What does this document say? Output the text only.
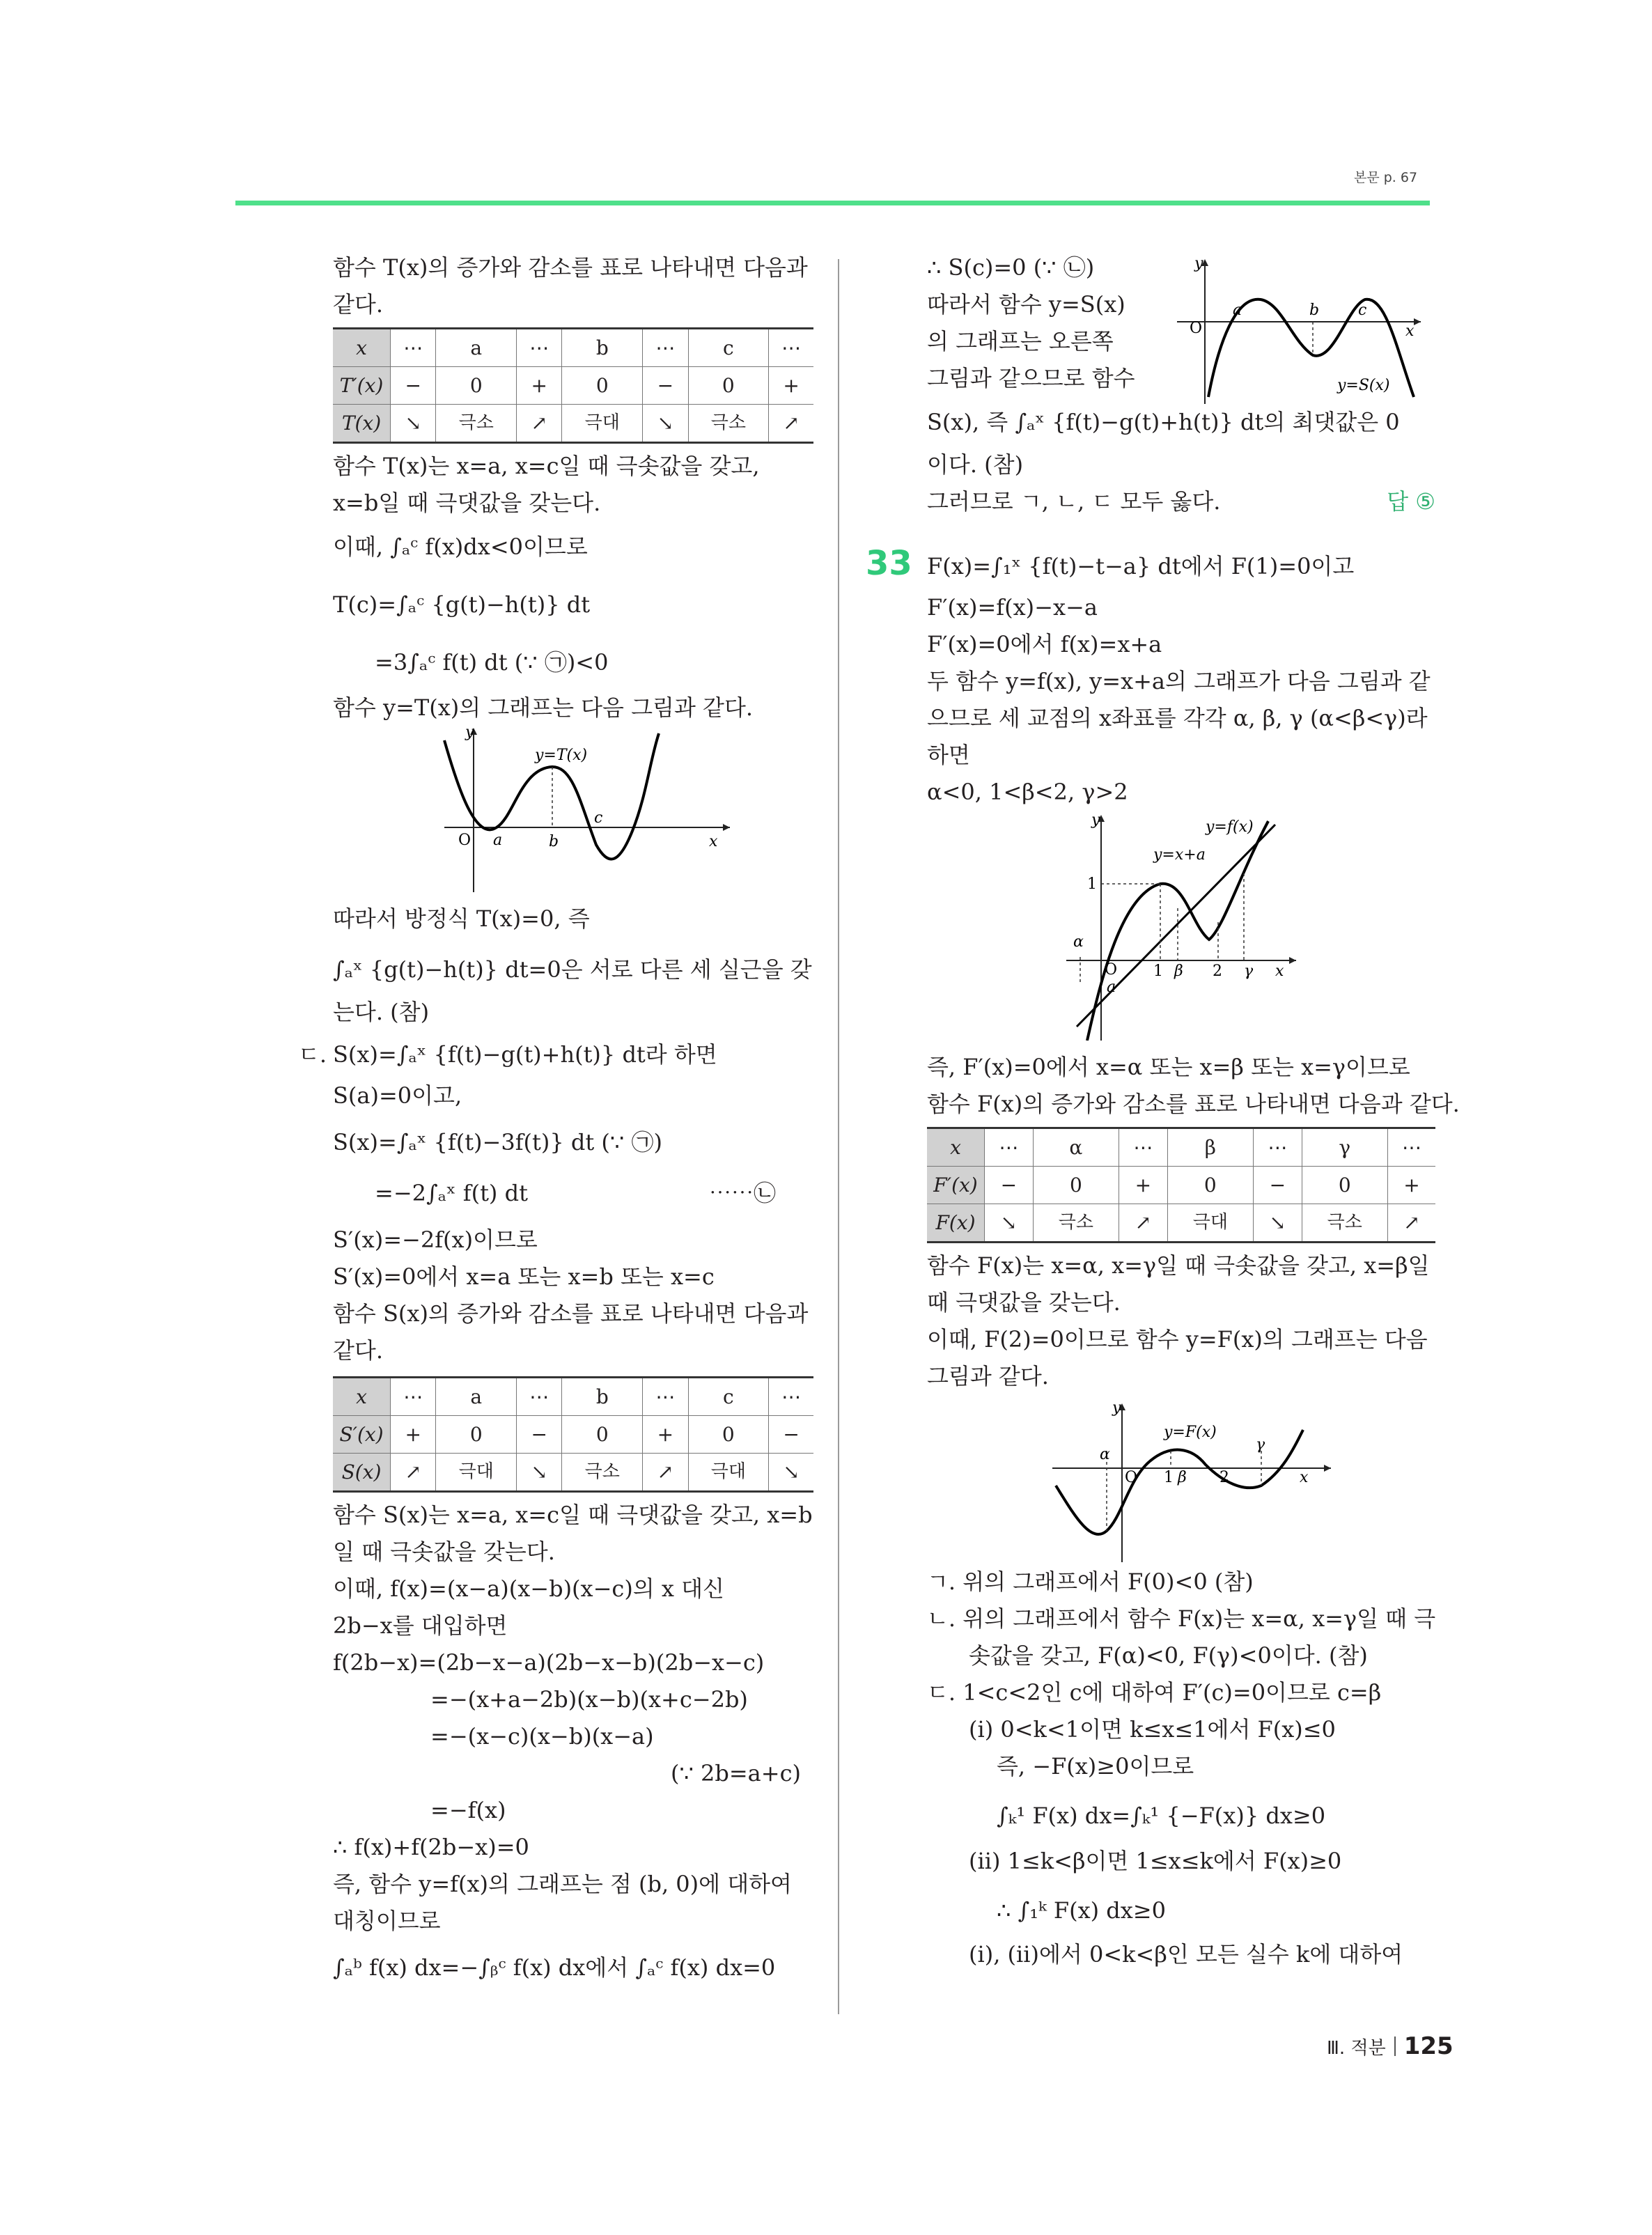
본문 p. 67

함수 T(x)의 증가와 감소를 표로 나타내면 다음과

같다.

x	⋯	a	⋯	b	⋯	c	⋯
T′(x)	−	0	+	0	−	0	+
T(x)	↘	극소	↗	극대	↘	극소	↗

함수 T(x)는 x=a, x=c일 때 극솟값을 갖고,

x=b일 때 극댓값을 갖는다.

이때, ∫ₐᶜ f(x)dx<0이므로

T(c)=∫ₐᶜ {g(t)−h(t)} dt

=3∫ₐᶜ f(t) dt (∵ ㉠)<0

함수 y=T(x)의 그래프는 다음 그림과 같다.

y
y=T(x)
O a	b
c
x

따라서 방정식 T(x)=0, 즉

∫ₐˣ {g(t)−h(t)} dt=0은 서로 다른 세 실근을 갖

는다. (참)

ㄷ. S(x)=∫ₐˣ {f(t)−g(t)+h(t)} dt라 하면

S(a)=0이고,

S(x)=∫ₐˣ {f(t)−3f(t)} dt (∵ ㉠)

=−2∫ₐˣ f(t) dt	⋯⋯㉡

S′(x)=−2f(x)이므로

S′(x)=0에서 x=a 또는 x=b 또는 x=c

함수 S(x)의 증가와 감소를 표로 나타내면 다음과

같다.

x	⋯	a	⋯	b	⋯	c	⋯
S′(x)	+	0	−	0	+	0	−
S(x)	↗	극대	↘	극소	↗	극대	↘

함수 S(x)는 x=a, x=c일 때 극댓값을 갖고, x=b

일 때 극솟값을 갖는다.

이때, f(x)=(x−a)(x−b)(x−c)의 x 대신

2b−x를 대입하면

f(2b−x)=(2b−x−a)(2b−x−b)(2b−x−c)

=−(x+a−2b)(x−b)(x+c−2b)

=−(x−c)(x−b)(x−a)

(∵ 2b=a+c)

=−f(x)

∴ f(x)+f(2b−x)=0

즉, 함수 y=f(x)의 그래프는 점 (b, 0)에 대하여

대칭이므로

∫ₐᵇ f(x) dx=−∫ᵦᶜ f(x) dx에서 ∫ₐᶜ f(x) dx=0

∴ S(c)=0 (∵ ㉡)

따라서 함수 y=S(x)

의 그래프는 오른쪽

그림과 같으므로 함수

S(x), 즉 ∫ₐˣ {f(t)−g(t)+h(t)} dt의 최댓값은 0

이다. (참)

그러므로 ㄱ, ㄴ, ㄷ 모두 옳다.	답 ⑤

33 F(x)=∫₁ˣ {f(t)−t−a} dt에서 F(1)=0이고

F′(x)=f(x)−x−a

F′(x)=0에서 f(x)=x+a

두 함수 y=f(x), y=x+a의 그래프가 다음 그림과 같

으므로 세 교점의 x좌표를 각각 α, β, γ (α<β<γ)라

하면

α<0, 1<β<2, γ>2

y	y=f(x)
y=x+a
1
α
O
a
1 β 2 γ x

즉, F′(x)=0에서 x=α 또는 x=β 또는 x=γ이므로

함수 F(x)의 증가와 감소를 표로 나타내면 다음과 같다.

x	⋯	α	⋯	β	⋯	γ	⋯
F′(x)	−	0	+	0	−	0	+
F(x)	↘	극소	↗	극대	↘	극소	↗

함수 F(x)는 x=α, x=γ일 때 극솟값을 갖고, x=β일

때 극댓값을 갖는다.

이때, F(2)=0이므로 함수 y=F(x)의 그래프는 다음

그림과 같다.

y
y=F(x)
α
O 1 β 2
γ
x

ㄱ. 위의 그래프에서 F(0)<0 (참)

ㄴ. 위의 그래프에서 함수 F(x)는 x=α, x=γ일 때 극

솟값을 갖고, F(α)<0, F(γ)<0이다. (참)

ㄷ. 1<c<2인 c에 대하여 F′(c)=0이므로 c=β

(ⅰ) 0<k<1이면 k≤x≤1에서 F(x)≤0

즉, −F(x)≥0이므로

∫ₖ¹ F(x) dx=∫ₖ¹ {−F(x)} dx≥0

(ⅱ) 1≤k<β이면 1≤x≤k에서 F(x)≥0

∴ ∫₁ᵏ F(x) dx≥0

(ⅰ), (ⅱ)에서 0<k<β인 모든 실수 k에 대하여

Ⅲ. 적분 125
y
O
a	b	c
x
y=S(x)
